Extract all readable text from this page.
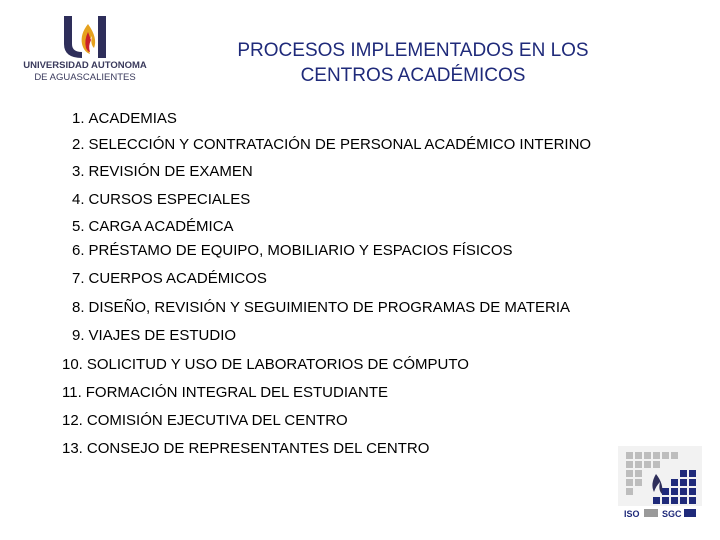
UNIVERSIDAD AUTONOMA
DE AGUASCALIENTES
PROCESOS IMPLEMENTADOS EN LOS
CENTROS ACADÉMICOS
1. ACADEMIAS
2. SELECCIÓN Y CONTRATACIÓN DE PERSONAL ACADÉMICO INTERINO
3. REVISIÓN DE EXAMEN
4. CURSOS ESPECIALES
5. CARGA ACADÉMICA
6. PRÉSTAMO DE EQUIPO, MOBILIARIO Y ESPACIOS FÍSICOS
7. CUERPOS ACADÉMICOS
8. DISEÑO, REVISIÓN Y SEGUIMIENTO DE PROGRAMAS DE MATERIA
9. VIAJES DE ESTUDIO
10. SOLICITUD Y USO DE LABORATORIOS DE CÓMPUTO
11. FORMACIÓN INTEGRAL DEL ESTUDIANTE
12. COMISIÓN EJECUTIVA DEL CENTRO
13. CONSEJO DE REPRESENTANTES DEL CENTRO
ISO SGC
